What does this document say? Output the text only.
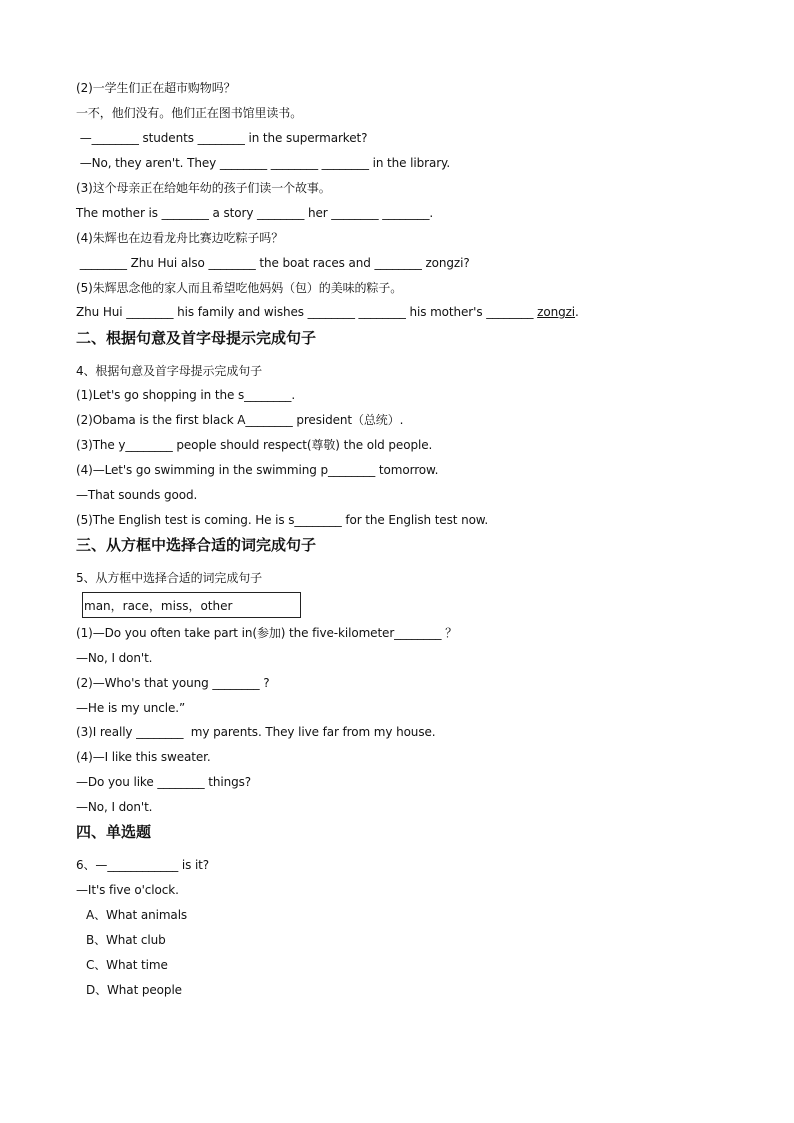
(2)一学生们正在超市购物吗？
一不，他们没有。他们正在图书馆里读书。
—________ students ________ in the supermarket?
—No, they aren't. They ________ ________ ________ in the library.
(3)这个母亲正在给她年幼的孩子们读一个故事。
The mother is ________ a story ________ her ________ ________.
(4)朱辉也在边看龙舟比赛边吃粽子吗？
________ Zhu Hui also ________ the boat races and ________ zongzi?
(5)朱辉思念他的家人而且希望吃他妈妈（包）的美味的粽子。
Zhu Hui ________ his family and wishes ________ ________ his mother's ________ zongzi.
二、根据句意及首字母提示完成句子
4、根据句意及首字母提示完成句子
(1)Let's go shopping in the s________.
(2)Obama is the first black A________ president（总统）.
(3)The y________ people should respect(尊敬) the old people.
(4)—Let's go swimming in the swimming p________ tomorrow.
—That sounds good.
(5)The English test is coming. He is s________ for the English test now.
三、从方框中选择合适的词完成句子
5、从方框中选择合适的词完成句子
man，race，miss，other
(1)—Do you often take part in(参加) the five-kilometer________ ？
—No, I don't.
(2)—Who's that young ________ ?
—He is my uncle.”
(3)I really ________  my parents. They live far from my house.
(4)—I like this sweater.
—Do you like ________ things?
—No, I don't.
四、单选题
6、—____________ is it?
—It's five o'clock.
A、What animals
B、What club
C、What time
D、What people
